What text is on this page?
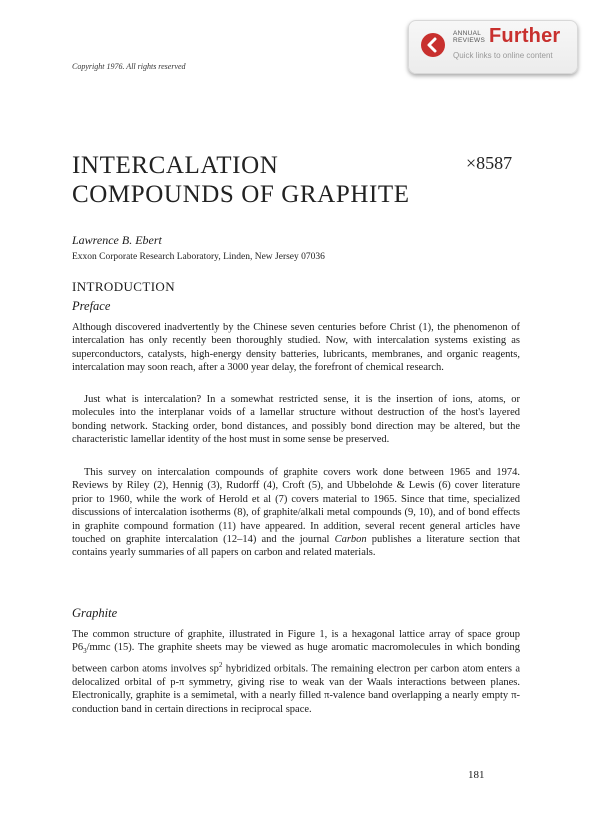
ANNUAL
REVIEWS Further
Quick links to online content
Copyright 1976. All rights reserved
INTERCALATION
COMPOUNDS OF GRAPHITE
×8587
Lawrence B. Ebert
Exxon Corporate Research Laboratory, Linden, New Jersey 07036
INTRODUCTION
Preface

Although discovered inadvertently by the Chinese seven centuries before Christ (1), the phenomenon of intercalation has only recently been thoroughly studied. Now, with intercalation systems existing as superconductors, catalysts, high-energy density batteries, lubricants, membranes, and organic reagents, intercalation may soon reach, after a 3000 year delay, the forefront of chemical research.

Just what is intercalation? In a somewhat restricted sense, it is the insertion of ions, atoms, or molecules into the interplanar voids of a lamellar structure without destruction of the host's layered bonding network. Stacking order, bond distances, and possibly bond direction may be altered, but the characteristic lamellar identity of the host must in some sense be preserved.

This survey on intercalation compounds of graphite covers work done between 1965 and 1974. Reviews by Riley (2), Hennig (3), Rudorff (4), Croft (5), and Ubbelohde & Lewis (6) cover literature prior to 1960, while the work of Herold et al (7) covers material to 1965. Since that time, specialized discussions of intercalation isotherms (8), of graphite/alkali metal compounds (9, 10), and of bond effects in graphite compound formation (11) have appeared. In addition, several recent general articles have touched on graphite intercalation (12–14) and the journal Carbon publishes a literature section that contains yearly summaries of all papers on carbon and related materials.

Graphite

The common structure of graphite, illustrated in Figure 1, is a hexagonal lattice array of space group $P6_3$/mmc (15). The graphite sheets may be viewed as huge aromatic macromolecules in which bonding between carbon atoms involves $sp^2$ hybridized orbitals. The remaining electron per carbon atom enters a delocalized orbital of p-π symmetry, giving rise to weak van der Waals interactions between planes. Electronically, graphite is a semimetal, with a nearly filled π-valence band overlapping a nearly empty π-conduction band in certain directions in reciprocal space.

181
